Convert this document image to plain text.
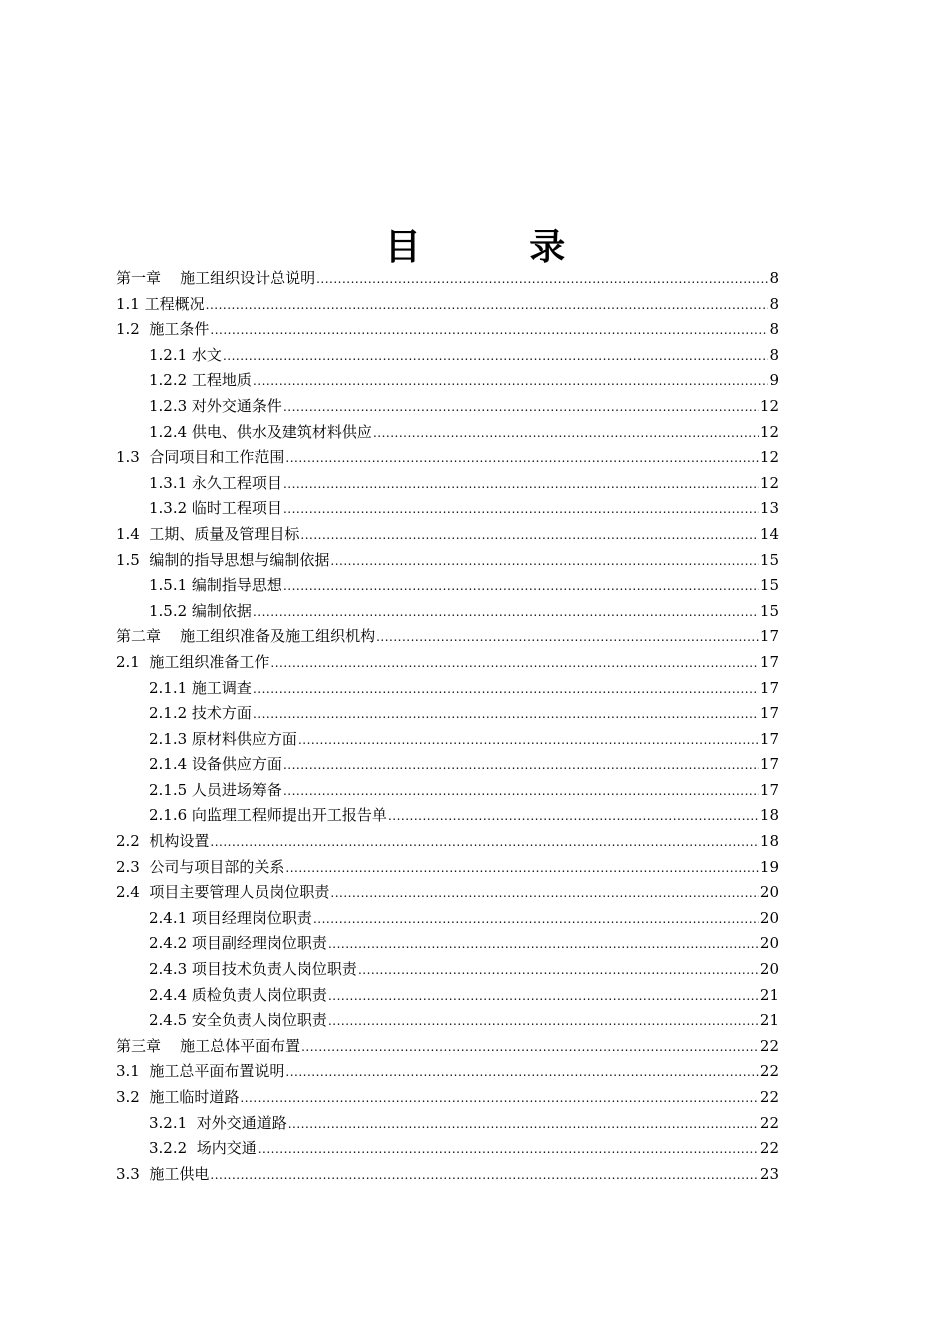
目 录
第一章    施工组织设计总说明 .....	8
1.1 工程概况 .....	8
1.2  施工条件 .....	8
1.2.1 水文 .....	8
1.2.2 工程地质 .....	9
1.2.3 对外交通条件 .....	12
1.2.4 供电、供水及建筑材料供应 .....	12
1.3  合同项目和工作范围 .....	12
1.3.1 永久工程项目 .....	12
1.3.2 临时工程项目 .....	13
1.4  工期、质量及管理目标 .....	14
1.5  编制的指导思想与编制依据 .....	15
1.5.1 编制指导思想 .....	15
1.5.2 编制依据 .....	15
第二章    施工组织准备及施工组织机构 .....	17
2.1  施工组织准备工作 .....	17
2.1.1 施工调查 .....	17
2.1.2 技术方面 .....	17
2.1.3 原材料供应方面 .....	17
2.1.4 设备供应方面 .....	17
2.1.5 人员进场筹备 .....	17
2.1.6 向监理工程师提出开工报告单 .....	18
2.2  机构设置 .....	18
2.3  公司与项目部的关系 .....	19
2.4  项目主要管理人员岗位职责 .....	20
2.4.1 项目经理岗位职责 .....	20
2.4.2 项目副经理岗位职责 .....	20
2.4.3 项目技术负责人岗位职责 .....	20
2.4.4 质检负责人岗位职责 .....	21
2.4.5 安全负责人岗位职责 .....	21
第三章    施工总体平面布置 .....	22
3.1  施工总平面布置说明 .....	22
3.2  施工临时道路 .....	22
3.2.1  对外交通道路 .....	22
3.2.2  场内交通 .....	22
3.3  施工供电 .....	23
